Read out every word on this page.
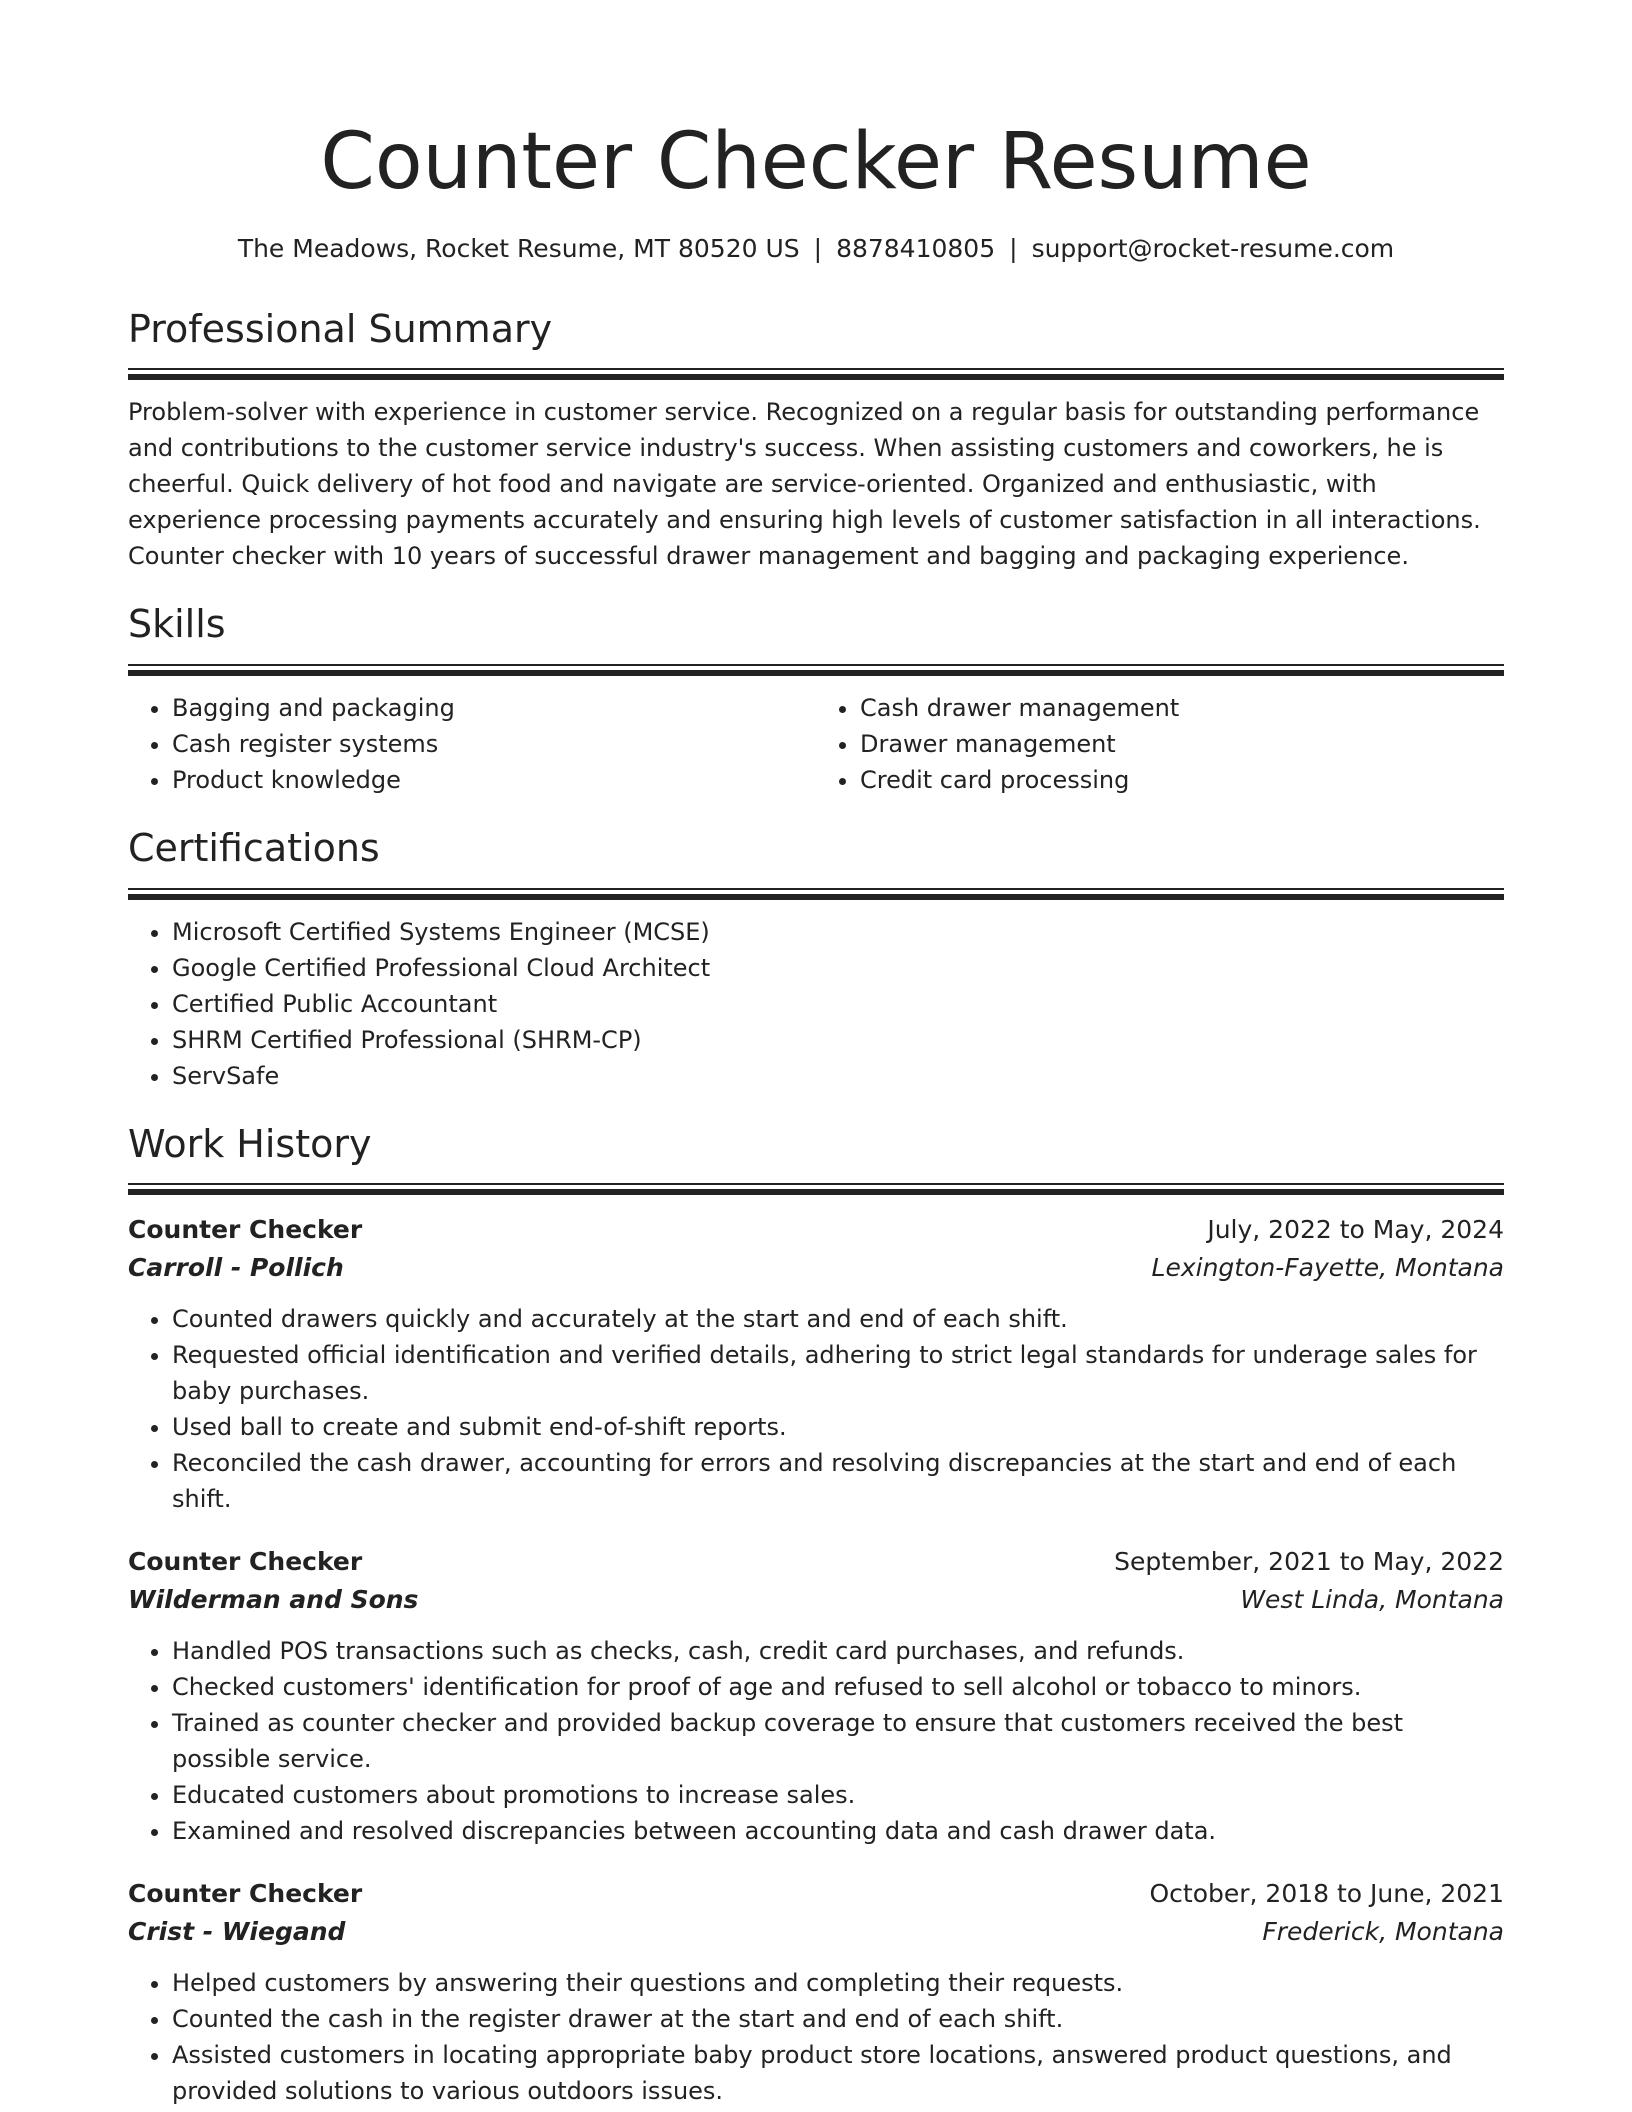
Counter Checker Resume
The Meadows, Rocket Resume, MT 80520 US | 8878410805 | support@rocket-resume.com
Professional Summary
Problem-solver with experience in customer service. Recognized on a regular basis for outstanding performance and contributions to the customer service industry's success. When assisting customers and coworkers, he is cheerful. Quick delivery of hot food and navigate are service-oriented. Organized and enthusiastic, with experience processing payments accurately and ensuring high levels of customer satisfaction in all interactions. Counter checker with 10 years of successful drawer management and bagging and packaging experience.
Skills
• Bagging and packaging
• Cash register systems
• Product knowledge
• Cash drawer management
• Drawer management
• Credit card processing
Certifications
• Microsoft Certified Systems Engineer (MCSE)
• Google Certified Professional Cloud Architect
• Certified Public Accountant
• SHRM Certified Professional (SHRM-CP)
• ServSafe
Work History
Counter Checker	July, 2022 to May, 2024
Carroll - Pollich	Lexington-Fayette, Montana
• Counted drawers quickly and accurately at the start and end of each shift.
• Requested official identification and verified details, adhering to strict legal standards for underage sales for baby purchases.
• Used ball to create and submit end-of-shift reports.
• Reconciled the cash drawer, accounting for errors and resolving discrepancies at the start and end of each shift.
Counter Checker	September, 2021 to May, 2022
Wilderman and Sons	West Linda, Montana
• Handled POS transactions such as checks, cash, credit card purchases, and refunds.
• Checked customers' identification for proof of age and refused to sell alcohol or tobacco to minors.
• Trained as counter checker and provided backup coverage to ensure that customers received the best possible service.
• Educated customers about promotions to increase sales.
• Examined and resolved discrepancies between accounting data and cash drawer data.
Counter Checker	October, 2018 to June, 2021
Crist - Wiegand	Frederick, Montana
• Helped customers by answering their questions and completing their requests.
• Counted the cash in the register drawer at the start and end of each shift.
• Assisted customers in locating appropriate baby product store locations, answered product questions, and provided solutions to various outdoors issues.
